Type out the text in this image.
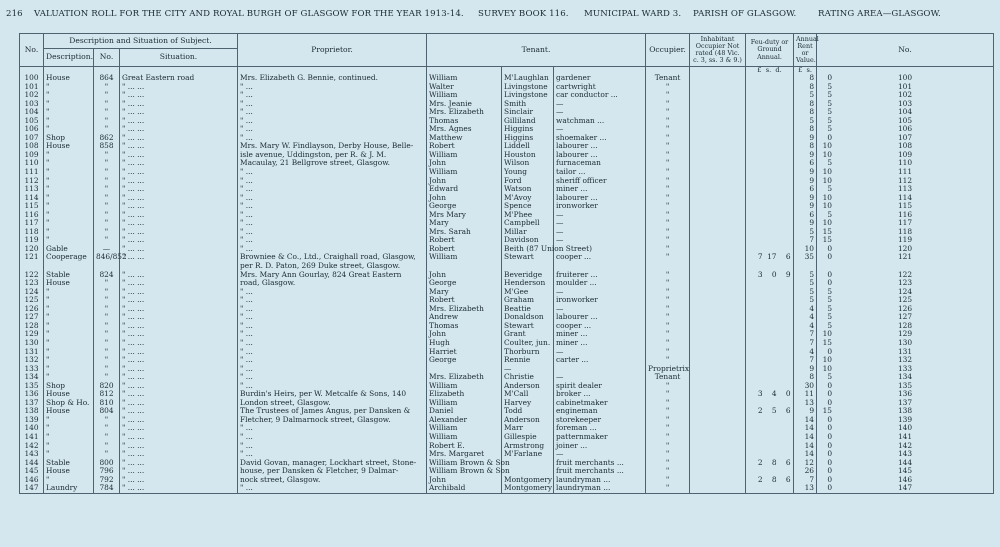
216 VALUATION ROLL FOR THE CITY AND ROYAL BURGH OF GLASGOW FOR THE YEAR 1913-14. SURVEY BOOK 116. MUNICIPAL WARD 3. PARISH OF GLASGOW.	RATING AREA—GLASGOW.
No.	Description and Situation of Subject.			Proprietor.	Tenant.			Occupier.	Inhabitant Occupier Not rated (48 Vic. c. 3, ss. 3 & 9.)	Feu-duty or Ground Annual.	Annual Rent or Value.	No.	
	Description.	No.	Situation.										
										£ s. d.	£ s.		
100	House	864	Great Eastern road	Mrs. Elizabeth G. Bennie, continued.	William	M'Laughlan	gardener	Tenant			8 0	100	
101	"	"	" ... ...	" ...	Walter	Livingstone	cartwright	"			8 5	101	
102	"	"	" ... ...	" ...	William	Livingstone	car conductor ...	"			5 5	102	
103	"	"	" ... ...	" ...	Mrs. Jeanie	Smith	—	"			8 5	103	
104	"	"	" ... ...	" ...	Mrs. Elizabeth	Sinclair	—	"			8 5	104	
105	"	"	" ... ...	" ...	Thomas	Gilliland	watchman ...	"			5 5	105	
106	"	"	" ... ...	" ...	Mrs. Agnes	Higgins	—	"			8 5	106	
107	Shop	862	" ... ...	" ...	Matthew	Higgins	shoemaker ...	"			9 0	107	
108	House	858	" ... ...	Mrs. Mary W. Findlayson, Derby House, Belle-	Robert	Liddell	labourer ...	"			8 10	108	
109	"	"	" ... ...	isle avenue, Uddingston, per R. & J. M.	William	Houston	labourer ...	"			9 10	109	
110	"	"	" ... ...	Macaulay, 21 Bellgrove street, Glasgow.	John	Wilson	furnaceman	"			6 5	110	
111	"	"	" ... ...	" ...	William	Young	tailor ...	"			9 10	111	
112	"	"	" ... ...	" ...	John	Ford	sheriff officer	"			9 10	112	
113	"	"	" ... ...	" ...	Edward	Watson	miner ...	"			6 5	113	
114	"	"	" ... ...	" ...	John	M'Avoy	labourer ...	"			9 10	114	
115	"	"	" ... ...	" ...	George	Spence	ironworker	"			9 10	115	
116	"	"	" ... ...	" ...	Mrs Mary	M'Phee	—	"			6 5	116	
117	"	"	" ... ...	" ...	Mary	Campbell	—	"			9 10	117	
118	"	"	" ... ...	" ...	Mrs. Sarah	Millar	—	"			5 15	118	
119	"	"	" ... ...	" ...	Robert	Davidson	—	"			7 15	119	
120	Gable	—	" ... ...	" ...	Robert	Beith (87 Union Street)		"			10 0	120	
121	Cooperage	846/852	" ... ...	Browniee & Co., Ltd., Craighall road, Glasgow,	William	Stewart	cooper ...	"		7 17 6	35 0	121	
				per R. D. Paton, 269 Duke street, Glasgow.									
122	Stable	824	" ... ...	Mrs. Mary Ann Gourlay, 824 Great Eastern	John	Beveridge	fruiterer ...	"		3 0 9	5 0	122	
123	House	"	" ... ...	road, Glasgow.	George	Henderson	moulder ...	"			5 0	123	
124	"	"	" ... ...	" ...	Mary	M'Gee	—	"			5 5	124	
125	"	"	" ... ...	" ...	Robert	Graham	ironworker	"			5 5	125	
126	"	"	" ... ...	" ...	Mrs. Elizabeth	Beattie	—	"			4 5	126	
127	"	"	" ... ...	" ...	Andrew	Donaldson	labourer ...	"			4 5	127	
128	"	"	" ... ...	" ...	Thomas	Stewart	cooper ...	"			4 5	128	
129	"	"	" ... ...	" ...	John	Grant	miner ...	"			7 10	129	
130	"	"	" ... ...	" ...	Hugh	Coulter, jun.	miner ...	"			7 15	130	
131	"	"	" ... ...	" ...	Harriet	Thorburn	—	"			4 0	131	
132	"	"	" ... ...	" ...	George	Rennie	carter ...	"			7 10	132	
133	"	"	" ... ...	" ...		—		Proprietrix			9 10	133	
134	"	"	" ... ...	" ...	Mrs. Elizabeth	Christie	—	Tenant			8 5	134	
135	Shop	820	" ... ...	" ...	William	Anderson	spirit dealer	"			30 0	135	
136	House	812	" ... ...	Burdin's Heirs, per W. Metcalfe & Sons, 140	Elizabeth	M'Call	broker ...	"		3 4 0	11 0	136	
137	Shop & Ho.	810	" ... ...	London street, Glasgow.	William	Harvey	cabinetmaker	"			13 0	137	
138	House	804	" ... ...	The Trustees of James Angus, per Dansken &	Daniel	Todd	engineman	"		2 5 6	9 15	138	
139	"	"	" ... ...	Fletcher, 9 Dalmarnock street, Glasgow.	Alexander	Anderson	storekeeper	"			14 0	139	
140	"	"	" ... ...	" ...	William	Marr	foreman ...	"			14 0	140	
141	"	"	" ... ...	" ...	William	Gillespie	patternmaker	"			14 0	141	
142	"	"	" ... ...	" ...	Robert E.	Armstrong	joiner ...	"			14 0	142	
143	"	"	" ... ...	" ...	Mrs. Margaret	M'Farlane	—	"			14 0	143	
144	Stable	800	" ... ...	David Govan, manager, Lockhart street, Stone-	William Brown & Son		fruit merchants ...	"		2 8 6	12 0	144	
145	House	796	" ... ...	house, per Dansken & Fletcher, 9 Dalmar-	William Brown & Son		fruit merchants ...	"			26 0	145	
146	"	792	" ... ...	nock street, Glasgow.	John	Montgomery	laundryman ...	"		2 8 6	7 0	146	
147	Laundry	784	" ... ...	" ...	Archibald	Montgomery	laundryman ...	"			13 0	147	
